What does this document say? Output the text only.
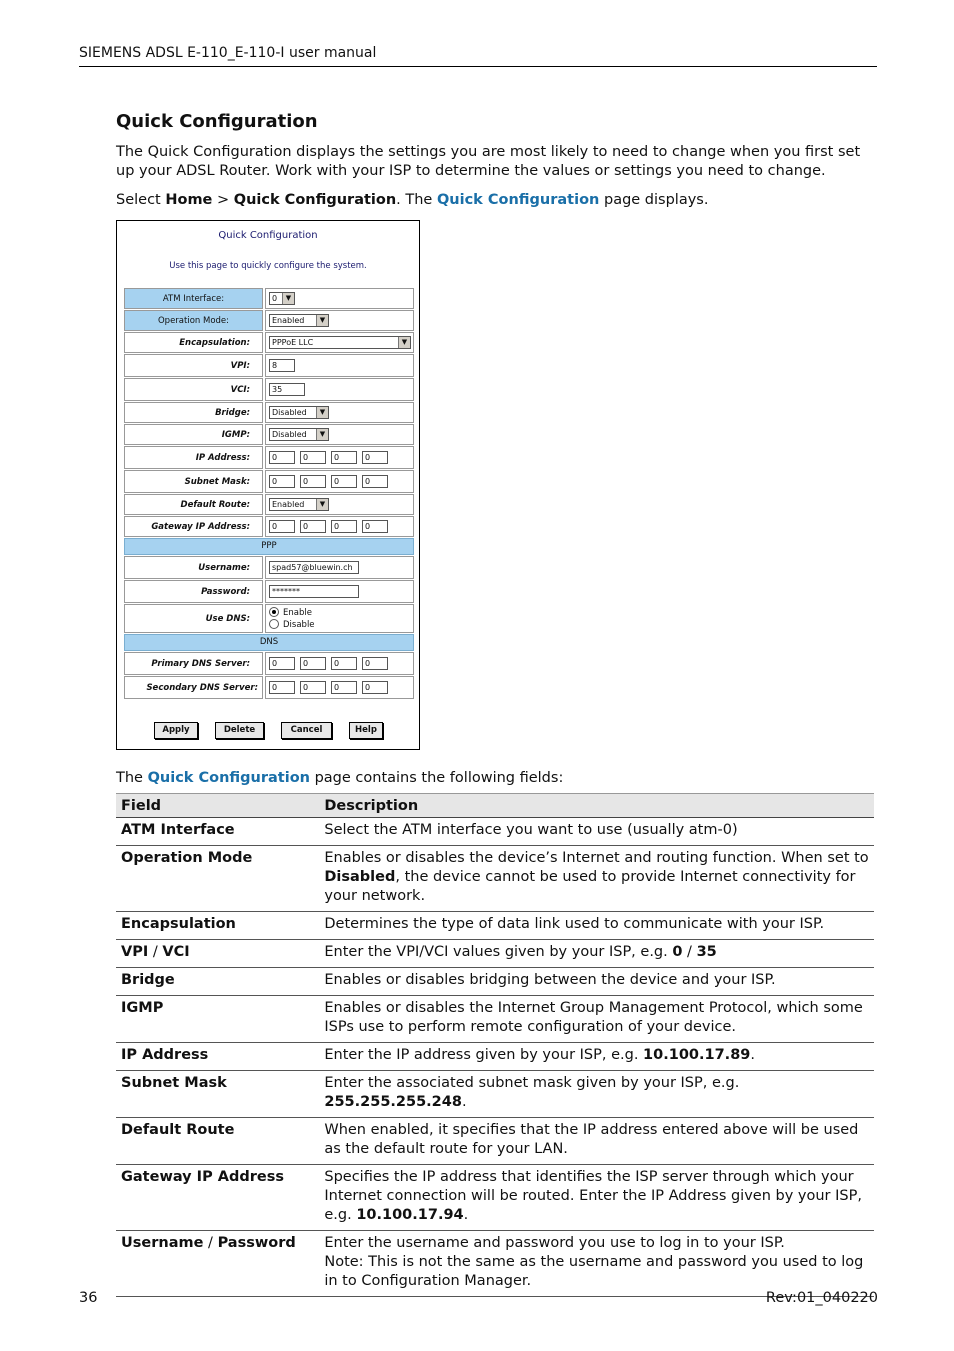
SIEMENS ADSL E-110_E-110-I user manual
Quick Configuration

The Quick Configuration displays the settings you are most likely to need to change when you first set up your ADSL Router. Work with your ISP to determine the values or settings you need to change.

Select Home > Quick Configuration. The Quick Configuration page displays.

Quick Configuration
Use this page to quickly configure the system.
ATM Interface:	0	▼
Operation Mode:	Enabled	▼
Encapsulation:	PPPoE LLC	▼
VPI:	8
VCI:	35
Bridge:	Disabled	▼
IGMP:	Disabled	▼
IP Address:	0	0	0	0
Subnet Mask:	0	0	0	0
Default Route:	Enabled	▼
Gateway IP Address:	0	0	0	0
PPP
Username:	spad57@bluewin.ch
Password:	*******
Use DNS:
Enable
Disable
DNS
Primary DNS Server:	0	0	0	0
Secondary DNS Server:	0	0	0	0
Apply	Delete	Cancel	Help

The Quick Configuration page contains the following fields:

Field	Description
ATM Interface	Select the ATM interface you want to use (usually atm-0)
Operation Mode	Enables or disables the device’s Internet and routing function. When set to Disabled, the device cannot be used to provide Internet connectivity for your network.
Encapsulation	Determines the type of data link used to communicate with your ISP.
VPI / VCI	Enter the VPI/VCI values given by your ISP, e.g. 0 / 35
Bridge	Enables or disables bridging between the device and your ISP.
IGMP	Enables or disables the Internet Group Management Protocol, which some ISPs use to perform remote configuration of your device.
IP Address	Enter the IP address given by your ISP, e.g. 10.100.17.89.
Subnet Mask	Enter the associated subnet mask given by your ISP, e.g. 255.255.255.248.
Default Route	When enabled, it specifies that the IP address entered above will be used as the default route for your LAN.
Gateway IP Address	Specifies the IP address that identifies the ISP server through which your Internet connection will be routed. Enter the IP Address given by your ISP, e.g. 10.100.17.94.
Username / Password	Enter the username and password you use to log in to your ISP.
Note: This is not the same as the username and password you used to log in to Configuration Manager.
36	Rev:01_040220
